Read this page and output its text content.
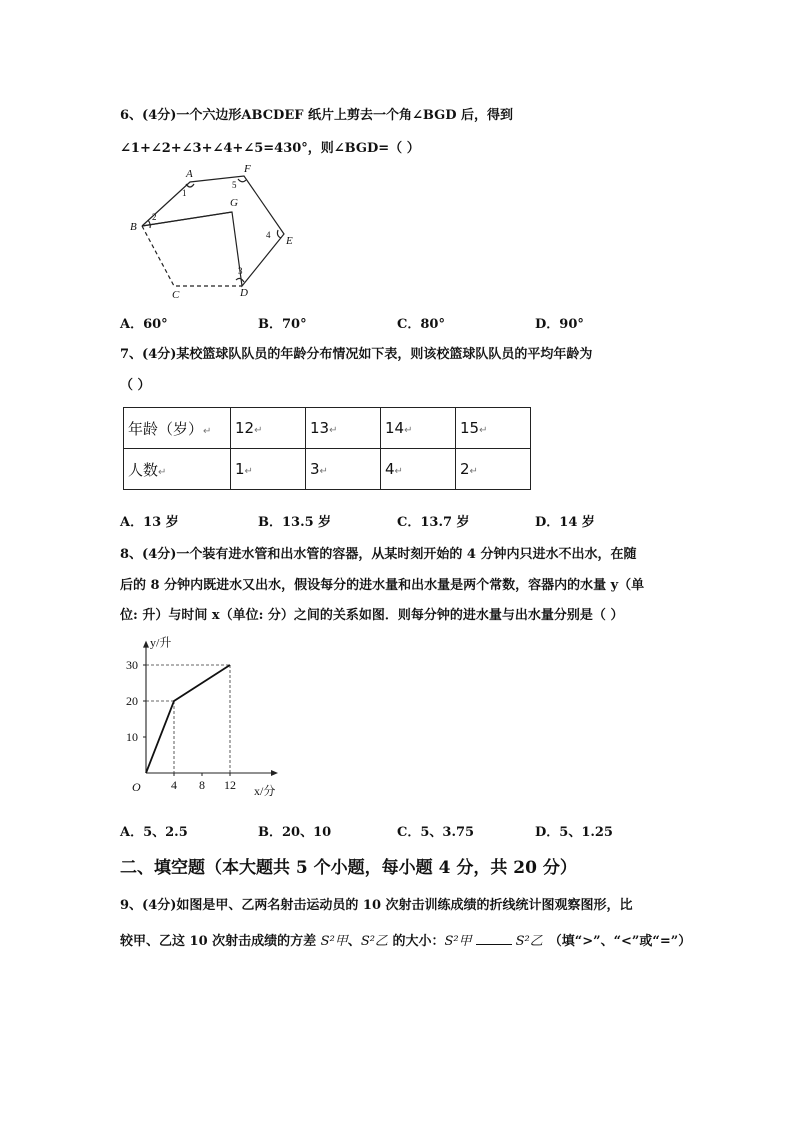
6、(4分)一个六边形ABCDEF 纸片上剪去一个角∠BGD 后，得到
∠1+∠2+∠3+∠4+∠5=430°，则∠BGD=（ ）
A	F
B
G
E
C	D
1
5
2
4
3
A．60°	B．70°	C．80°	D．90°
7、(4分)某校篮球队队员的年龄分布情况如下表，则该校篮球队队员的平均年龄为
（ ）
年龄（岁）↵	12↵	13↵	14↵	15↵
人数↵	1↵	3↵	4↵	2↵
A．13 岁	B．13.5 岁	C．13.7 岁	D．14 岁
8、(4分)一个装有进水管和出水管的容器，从某时刻开始的 4 分钟内只进水不出水，在随
后的 8 分钟内既进水又出水，假设每分的进水量和出水量是两个常数，容器内的水量 y（单
位: 升）与时间 x（单位: 分）之间的关系如图．则每分钟的进水量与出水量分别是（ ）
10
20
30
4 8 12
O
y/升
x/分
A．5、2.5	B．20、10	C．5、3.75	D．5、1.25
二、填空题（本大题共 5 个小题，每小题 4 分，共 20 分）
9、(4分)如图是甲、乙两名射击运动员的 10 次射击训练成绩的折线统计图观察图形，比
较甲、乙这 10 次射击成绩的方差 S²甲、S²乙 的大小：S²甲	S²乙 （填“>”、“<”或“=”）
